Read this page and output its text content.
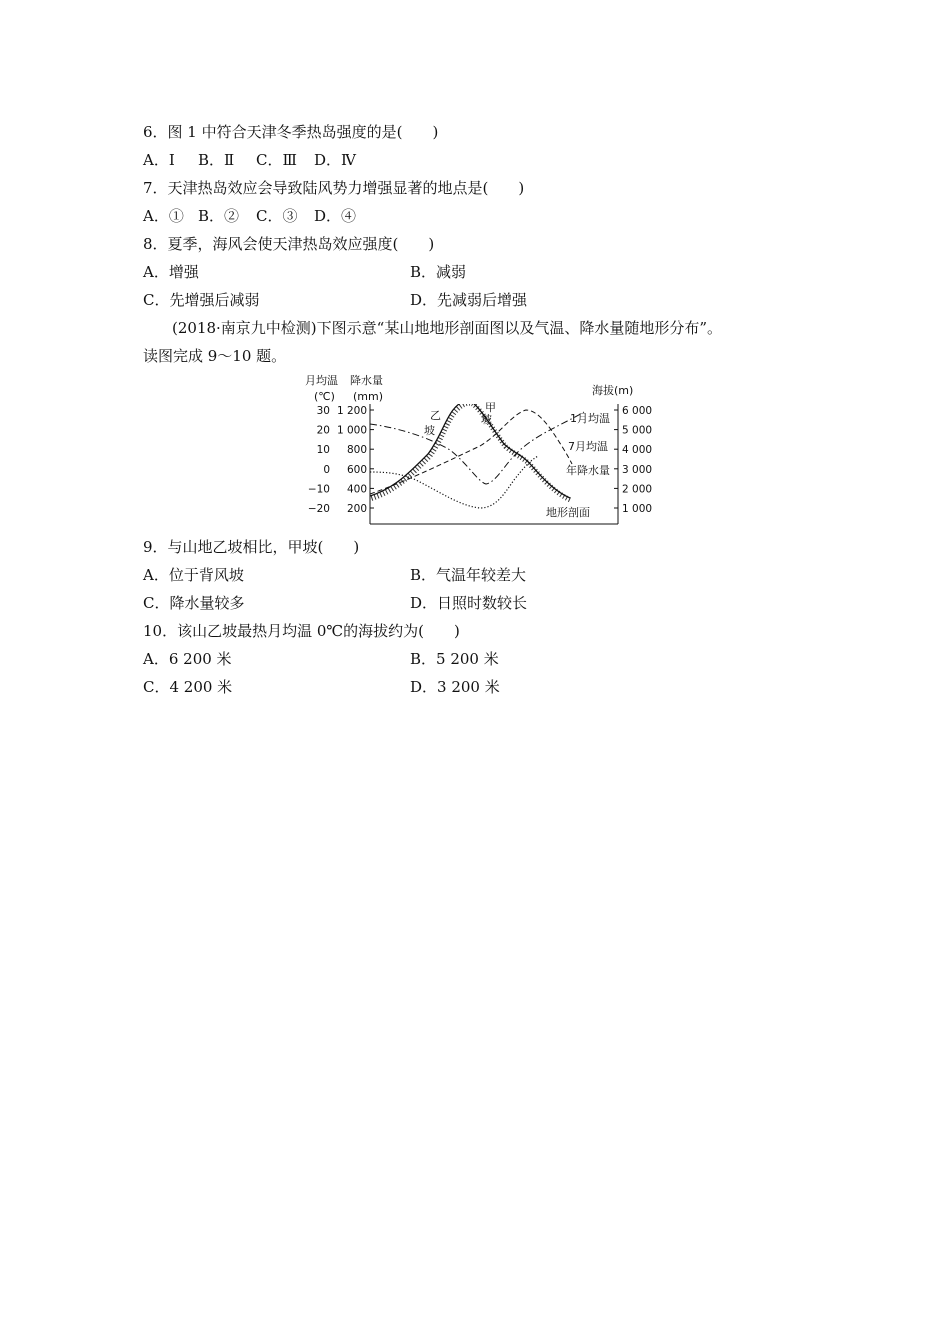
6．图 1 中符合天津冬季热岛强度的是(　　)
A．Ⅰ B．Ⅱ C．Ⅲ D．Ⅳ
7．天津热岛效应会导致陆风势力增强显著的地点是(　　)
A．① B．② C．③ D．④
8．夏季，海风会使天津热岛效应强度(　　)
A．增强	B．减弱
C．先增强后减弱	D．先减弱后增强
(2018·南京九中检测)下图示意“某山地地形剖面图以及气温、降水量随地形分布”。
读图完成 9～10 题。
月均温
(℃)
降水量
(mm)	海拔(m)
30
20
10
0
−10
−20
1 200
1 000
800
600
400
200
6 000
5 000
4 000
3 000
2 000
1 000
乙
坡
甲
坡	1月均温
7月均温
年降水量
地形剖面
9．与山地乙坡相比，甲坡(　　)
A．位于背风坡	B．气温年较差大
C．降水量较多	D．日照时数较长
10．该山乙坡最热月均温 0℃的海拔约为(　　)
A．6 200 米	B．5 200 米
C．4 200 米	D．3 200 米
